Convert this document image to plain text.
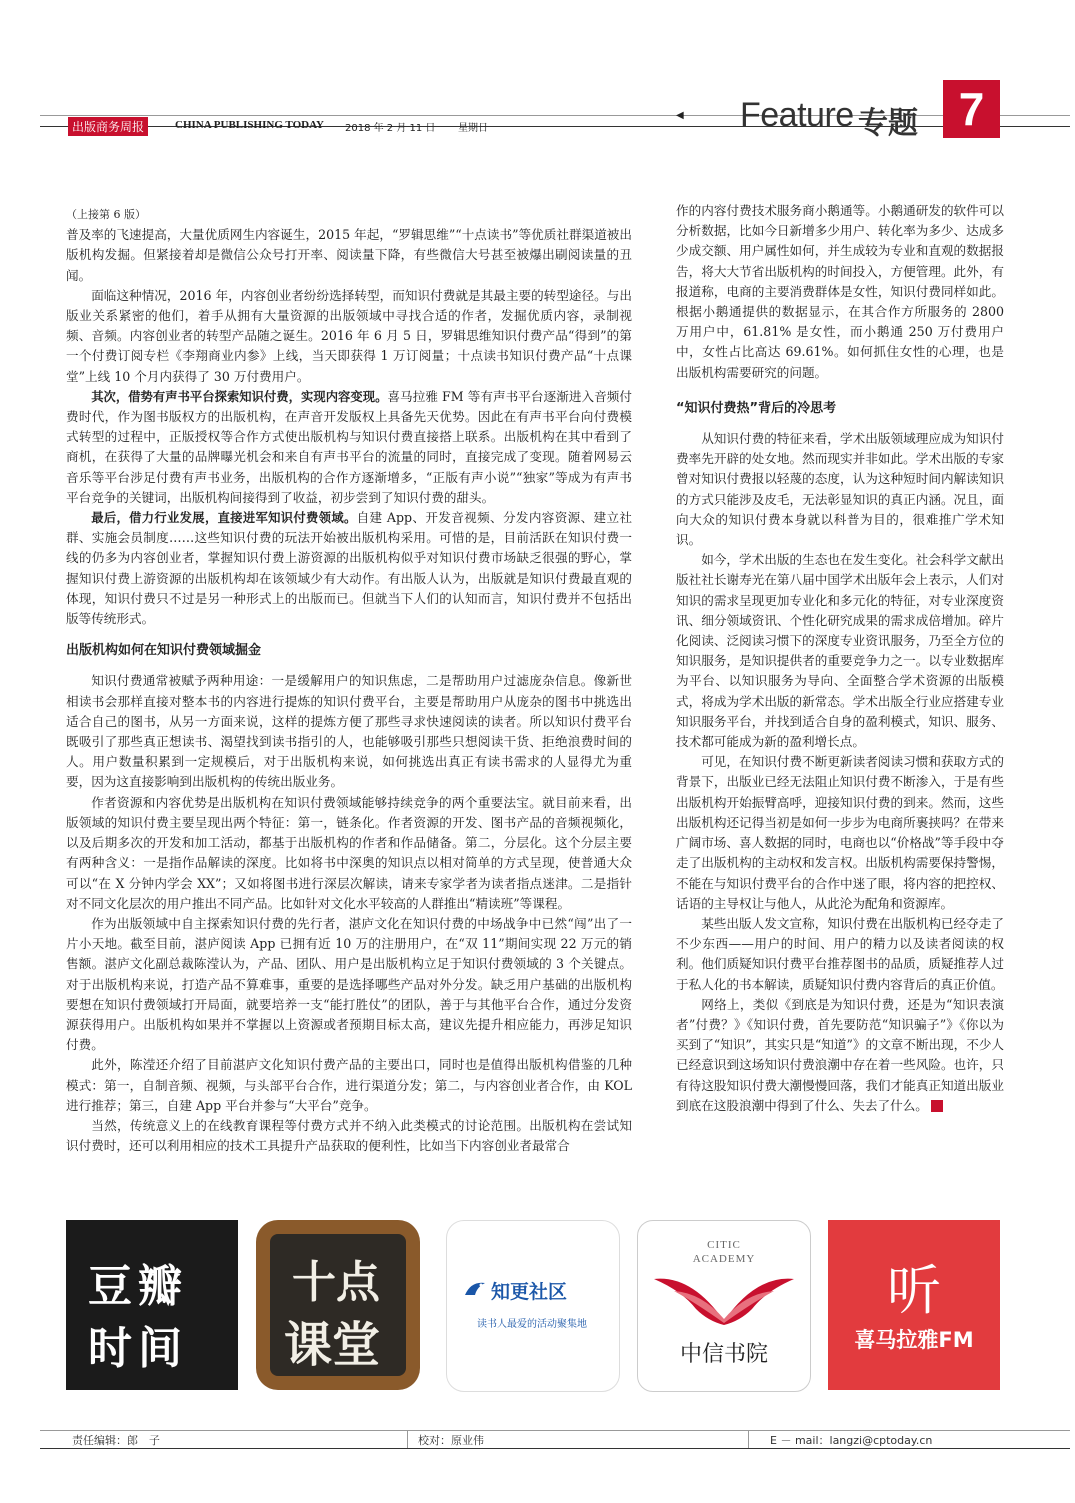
出版商务周报	CHINA PUBLISHING TODAY 2018 年 2 月 11 日 星期日
◀ Feature 专题 7

（上接第 6 版）

普及率的飞速提高，大量优质网生内容诞生，2015 年起，“罗辑思维”“十点读书”等优质社群渠道被出版机构发掘。但紧接着却是微信公众号打开率、阅读量下降，有些微信大号甚至被爆出刷阅读量的丑闻。

面临这种情况，2016 年，内容创业者纷纷选择转型，而知识付费就是其最主要的转型途径。与出版业关系紧密的他们，着手从拥有大量资源的出版领域中寻找合适的作者，发掘优质内容，录制视频、音频。内容创业者的转型产品随之诞生。2016 年 6 月 5 日，罗辑思维知识付费产品“得到”的第一个付费订阅专栏《李翔商业内参》上线，当天即获得 1 万订阅量；十点读书知识付费产品“十点课堂”上线 10 个月内获得了 30 万付费用户。

其次，借势有声书平台探索知识付费，实现内容变现。喜马拉雅 FM 等有声书平台逐渐进入音频付费时代，作为图书版权方的出版机构，在声音开发版权上具备先天优势。因此在有声书平台向付费模式转型的过程中，正版授权等合作方式使出版机构与知识付费直接搭上联系。出版机构在其中看到了商机，在获得了大量的品牌曝光机会和来自有声书平台的流量的同时，直接完成了变现。随着网易云音乐等平台涉足付费有声书业务，出版机构的合作方逐渐增多，“正版有声小说”“独家”等成为有声书平台竞争的关键词，出版机构间接得到了收益，初步尝到了知识付费的甜头。

最后，借力行业发展，直接进军知识付费领域。自建 App、开发音视频、分发内容资源、建立社群、实施会员制度……这些知识付费的玩法开始被出版机构采用。可惜的是，目前活跃在知识付费一线的仍多为内容创业者，掌握知识付费上游资源的出版机构似乎对知识付费市场缺乏很强的野心，掌握知识付费上游资源的出版机构却在该领域少有大动作。有出版人认为，出版就是知识付费最直观的体现，知识付费只不过是另一种形式上的出版而已。但就当下人们的认知而言，知识付费并不包括出版等传统形式。

出版机构如何在知识付费领域掘金

知识付费通常被赋予两种用途：一是缓解用户的知识焦虑，二是帮助用户过滤庞杂信息。像新世相读书会那样直接对整本书的内容进行提炼的知识付费平台，主要是帮助用户从庞杂的图书中挑选出适合自己的图书，从另一方面来说，这样的提炼方便了那些寻求快速阅读的读者。所以知识付费平台既吸引了那些真正想读书、渴望找到读书指引的人，也能够吸引那些只想阅读干货、拒绝浪费时间的人。用户数量积累到一定规模后，对于出版机构来说，如何挑选出真正有读书需求的人显得尤为重要，因为这直接影响到出版机构的传统出版业务。

作者资源和内容优势是出版机构在知识付费领域能够持续竞争的两个重要法宝。就目前来看，出版领域的知识付费主要呈现出两个特征：第一，链条化。作者资源的开发、图书产品的音频视频化，以及后期多次的开发和加工活动，都基于出版机构的作者和作品储备。第二，分层化。这个分层主要有两种含义：一是指作品解读的深度。比如将书中深奥的知识点以相对简单的方式呈现，使普通大众可以“在 X 分钟内学会 XX”；又如将图书进行深层次解读，请来专家学者为读者指点迷津。二是指针对不同文化层次的用户推出不同产品。比如针对文化水平较高的人群推出“精读班”等课程。

作为出版领域中自主探索知识付费的先行者，湛庐文化在知识付费的中场战争中已然“闯”出了一片小天地。截至目前，湛庐阅读 App 已拥有近 10 万的注册用户，在“双 11”期间实现 22 万元的销售额。湛庐文化副总裁陈滢认为，产品、团队、用户是出版机构立足于知识付费领域的 3 个关键点。对于出版机构来说，打造产品不算难事，重要的是选择哪些产品对外分发。缺乏用户基础的出版机构要想在知识付费领域打开局面，就要培养一支“能打胜仗”的团队，善于与其他平台合作，通过分发资源获得用户。出版机构如果并不掌握以上资源或者预期目标太高，建议先提升相应能力，再涉足知识付费。

此外，陈滢还介绍了目前湛庐文化知识付费产品的主要出口，同时也是值得出版机构借鉴的几种模式：第一，自制音频、视频，与头部平台合作，进行渠道分发；第二，与内容创业者合作，由 KOL 进行推荐；第三，自建 App 平台并参与“大平台”竞争。

当然，传统意义上的在线教育课程等付费方式并不纳入此类模式的讨论范围。出版机构在尝试知识付费时，还可以利用相应的技术工具提升产品获取的便利性，比如当下内容创业者最常合

作的内容付费技术服务商小鹅通等。小鹅通研发的软件可以分析数据，比如今日新增多少用户、转化率为多少、达成多少成交额、用户属性如何，并生成较为专业和直观的数据报告，将大大节省出版机构的时间投入，方便管理。此外，有报道称，电商的主要消费群体是女性，知识付费同样如此。根据小鹅通提供的数据显示，在其合作方所服务的 2800 万用户中，61.81% 是女性，而小鹅通 250 万付费用户中，女性占比高达 69.61%。如何抓住女性的心理，也是出版机构需要研究的问题。

“知识付费热”背后的冷思考

从知识付费的特征来看，学术出版领域理应成为知识付费率先开辟的处女地。然而现实并非如此。学术出版的专家曾对知识付费报以轻蔑的态度，认为这种短时间内解读知识的方式只能涉及皮毛，无法彰显知识的真正内涵。况且，面向大众的知识付费本身就以科普为目的，很难推广学术知识。

如今，学术出版的生态也在发生变化。社会科学文献出版社社长谢寿光在第八届中国学术出版年会上表示，人们对知识的需求呈现更加专业化和多元化的特征，对专业深度资讯、细分领域资讯、个性化研究成果的需求成倍增加。碎片化阅读、泛阅读习惯下的深度专业资讯服务，乃至全方位的知识服务，是知识提供者的重要竞争力之一。以专业数据库为平台、以知识服务为导向、全面整合学术资源的出版模式，将成为学术出版的新常态。学术出版全行业应搭建专业知识服务平台，并找到适合自身的盈利模式，知识、服务、技术都可能成为新的盈利增长点。

可见，在知识付费不断更新读者阅读习惯和获取方式的背景下，出版业已经无法阻止知识付费不断渗入，于是有些出版机构开始振臂高呼，迎接知识付费的到来。然而，这些出版机构还记得当初是如何一步步为电商所裹挟吗？在带来广阔市场、喜人数据的同时，电商也以“价格战”等手段中夺走了出版机构的主动权和发言权。出版机构需要保持警惕，不能在与知识付费平台的合作中迷了眼，将内容的把控权、话语的主导权让与他人，从此沦为配角和资源库。

某些出版人发文宣称，知识付费在出版机构已经夺走了不少东西——用户的时间、用户的精力以及读者阅读的权利。他们质疑知识付费平台推荐图书的品质，质疑推荐人过于私人化的书本解读，质疑知识付费内容背后的真正价值。

网络上，类似《到底是为知识付费，还是为“知识表演者”付费？》《知识付费，首先要防范“知识骗子”》《你以为买到了“知识”，其实只是“知道”》的文章不断出现，不少人已经意识到这场知识付费浪潮中存在着一些风险。也许，只有待这股知识付费大潮慢慢回落，我们才能真正知道出版业到底在这股浪潮中得到了什么、失去了什么。

豆瓣
时间
十点
课堂
知更社区
读书人最爱的活动聚集地
CITIC
ACADEMY
中信书院
听
喜马拉雅FM
责任编辑：郎　子	校对：原业伟	E － mail：langzi@cptoday.cn
